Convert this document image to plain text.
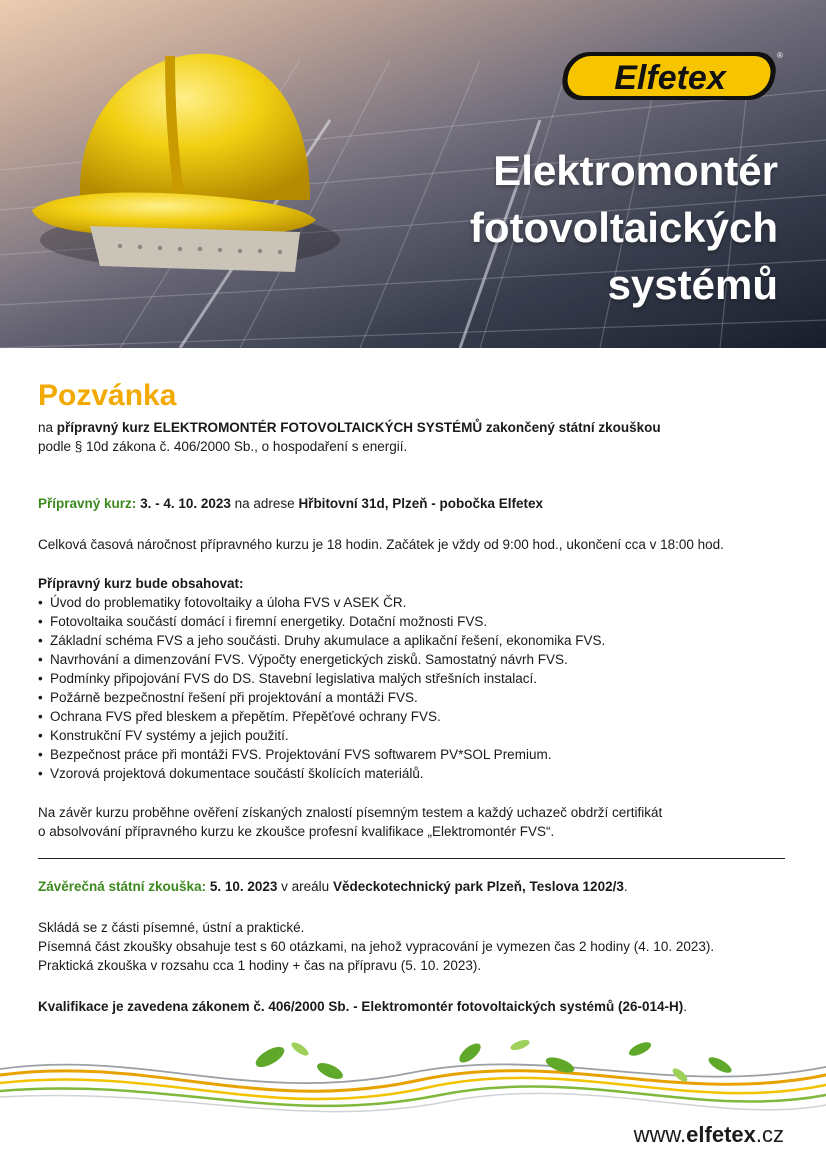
Elfetex
®
Elektromontér
fotovoltaických
systémů
Pozvánka

na přípravný kurz ELEKTROMONTÉR FOTOVOLTAICKÝCH SYSTÉMŮ zakončený státní zkouškou

podle § 10d zákona č. 406/2000 Sb., o hospodaření s energií.

Přípravný kurz: 3. - 4. 10. 2023 na adrese Hřbitovní 31d, Plzeň - pobočka Elfetex

Celková časová náročnost přípravného kurzu je 18 hodin. Začátek je vždy od 9:00 hod., ukončení cca v 18:00 hod.

Přípravný kurz bude obsahovat:

• Úvod do problematiky fotovoltaiky a úloha FVS v ASEK ČR.
• Fotovoltaika součástí domácí i firemní energetiky. Dotační možnosti FVS.
• Základní schéma FVS a jeho součásti. Druhy akumulace a aplikační řešení, ekonomika FVS.
• Navrhování a dimenzování FVS. Výpočty energetických zisků. Samostatný návrh FVS.
• Podmínky připojování FVS do DS. Stavební legislativa malých střešních instalací.
• Požárně bezpečnostní řešení při projektování a montáži FVS.
• Ochrana FVS před bleskem a přepětím. Přepěťové ochrany FVS.
• Konstrukční FV systémy a jejich použití.
• Bezpečnost práce při montáži FVS. Projektování FVS softwarem PV*SOL Premium.
• Vzorová projektová dokumentace součástí školících materiálů.

Na závěr kurzu proběhne ověření získaných znalostí písemným testem a každý uchazeč obdrží certifikát

o absolvování přípravného kurzu ke zkoušce profesní kvalifikace „Elektromontér FVS“.

Závěrečná státní zkouška: 5. 10. 2023 v areálu Vědeckotechnický park Plzeň, Teslova 1202/3.

Skládá se z části písemné, ústní a praktické.

Písemná část zkoušky obsahuje test s 60 otázkami, na jehož vypracování je vymezen čas 2 hodiny (4. 10. 2023).

Praktická zkouška v rozsahu cca 1 hodiny + čas na přípravu (5. 10. 2023).

Kvalifikace je zavedena zákonem č. 406/2000 Sb. - Elektromontér fotovoltaických systémů (26-014-H).

www.elfetex.cz
